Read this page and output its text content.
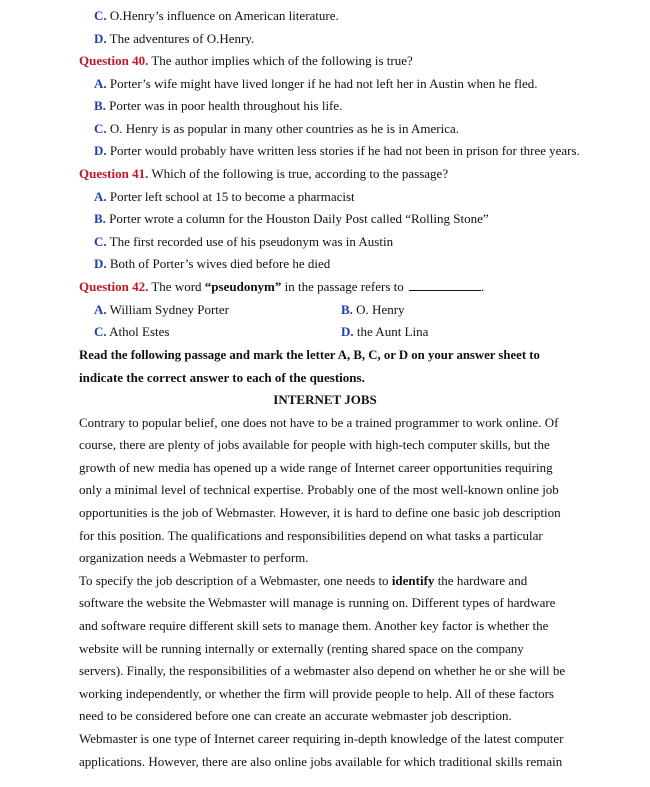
C. O.Henry’s influence on American literature.
D. The adventures of O.Henry.
Question 40. The author implies which of the following is true?
A. Porter’s wife might have lived longer if he had not left her in Austin when he fled.
B. Porter was in poor health throughout his life.
C. O. Henry is as popular in many other countries as he is in America.
D. Porter would probably have written less stories if he had not been in prison for three years.
Question 41. Which of the following is true, according to the passage?
A. Porter left school at 15 to become a pharmacist
B. Porter wrote a column for the Houston Daily Post called “Rolling Stone”
C. The first recorded use of his pseudonym was in Austin
D. Both of Porter’s wives died before he died
Question 42. The word “pseudonym” in the passage refers to	.
A. William Sydney Porter	B. O. Henry
C. Athol Estes	D. the Aunt Lina
Read the following passage and mark the letter A, B, C, or D on your answer sheet to
indicate the correct answer to each of the questions.
INTERNET JOBS
Contrary to popular belief, one does not have to be a trained programmer to work online. Of
course, there are plenty of jobs available for people with high-tech computer skills, but the
growth of new media has opened up a wide range of Internet career opportunities requiring
only a minimal level of technical expertise. Probably one of the most well-known online job
opportunities is the job of Webmaster. However, it is hard to define one basic job description
for this position. The qualifications and responsibilities depend on what tasks a particular
organization needs a Webmaster to perform.
To specify the job description of a Webmaster, one needs to identify the hardware and
software the website the Webmaster will manage is running on. Different types of hardware
and software require different skill sets to manage them. Another key factor is whether the
website will be running internally or externally (renting shared space on the company
servers). Finally, the responsibilities of a webmaster also depend on whether he or she will be
working independently, or whether the firm will provide people to help. All of these factors
need to be considered before one can create an accurate webmaster job description.
Webmaster is one type of Internet career requiring in-depth knowledge of the latest computer
applications. However, there are also online jobs available for which traditional skills remain
